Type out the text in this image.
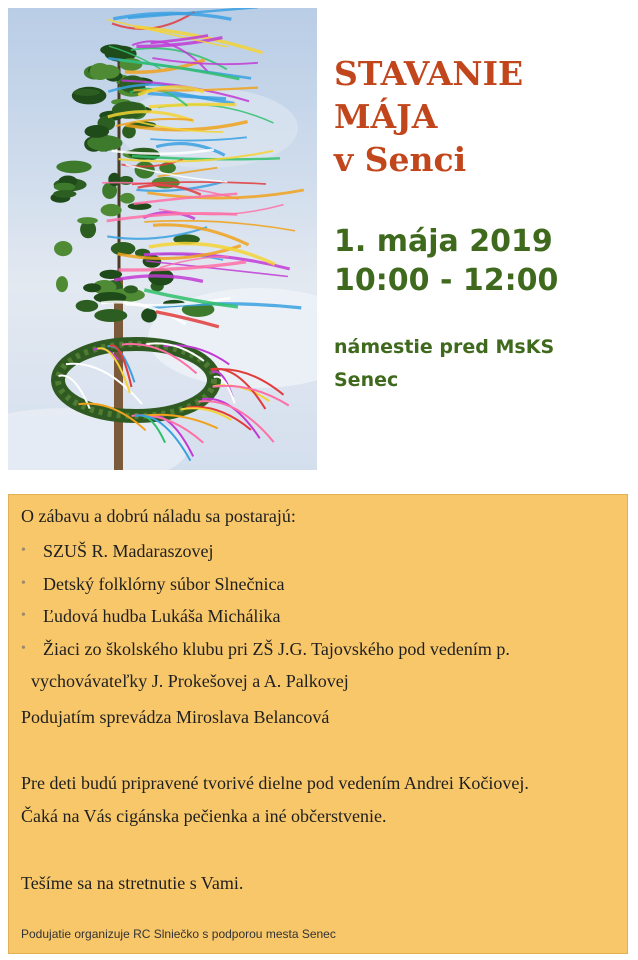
STAVANIE
MÁJA
v Senci
1. mája 2019
10:00 - 12:00
námestie pred MsKS
Senec
O zábavu a dobrú náladu sa postarajú:
• SZUŠ R. Madaraszovej
• Detský folklórny súbor Slnečnica
• Ľudová hudba Lukáša Michálika
• Žiaci zo školského klubu pri ZŠ J.G. Tajovského pod vedením p.
vychovávateľky J. Prokešovej a A. Palkovej
Podujatím sprevádza Miroslava Belancová
Pre deti budú pripravené tvorivé dielne pod vedením Andrei Kočiovej.
Čaká na Vás cigánska pečienka a iné občerstvenie.
Tešíme sa na stretnutie s Vami.
Podujatie organizuje RC Slniečko s podporou mesta Senec
